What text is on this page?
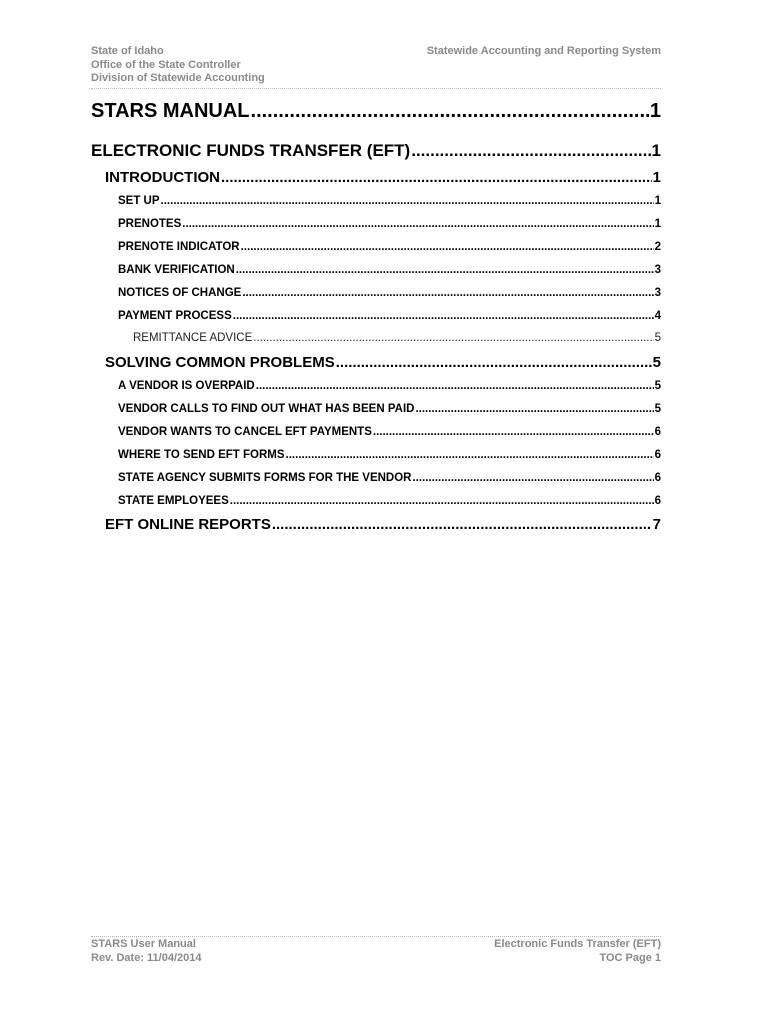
State of Idaho
Office of the State Controller
Division of Statewide Accounting
Statewide Accounting and Reporting System
STARS MANUAL .....	1
ELECTRONIC FUNDS TRANSFER (EFT) .....	1
INTRODUCTION .....	1
SET UP .....	1
PRENOTES .....	1
PRENOTE INDICATOR .....	2
BANK VERIFICATION .....	3
NOTICES OF CHANGE .....	3
PAYMENT PROCESS .....	4
REMITTANCE ADVICE .....	5
SOLVING COMMON PROBLEMS .....	5
A VENDOR IS OVERPAID .....	5
VENDOR CALLS TO FIND OUT WHAT HAS BEEN PAID .....	5
VENDOR WANTS TO CANCEL EFT PAYMENTS .....	6
WHERE TO SEND EFT FORMS .....	6
STATE AGENCY SUBMITS FORMS FOR THE VENDOR .....	6
STATE EMPLOYEES .....	6
EFT ONLINE REPORTS .....	7
STARS User Manual
Rev. Date: 11/04/2014
Electronic Funds Transfer (EFT)
TOC Page 1
